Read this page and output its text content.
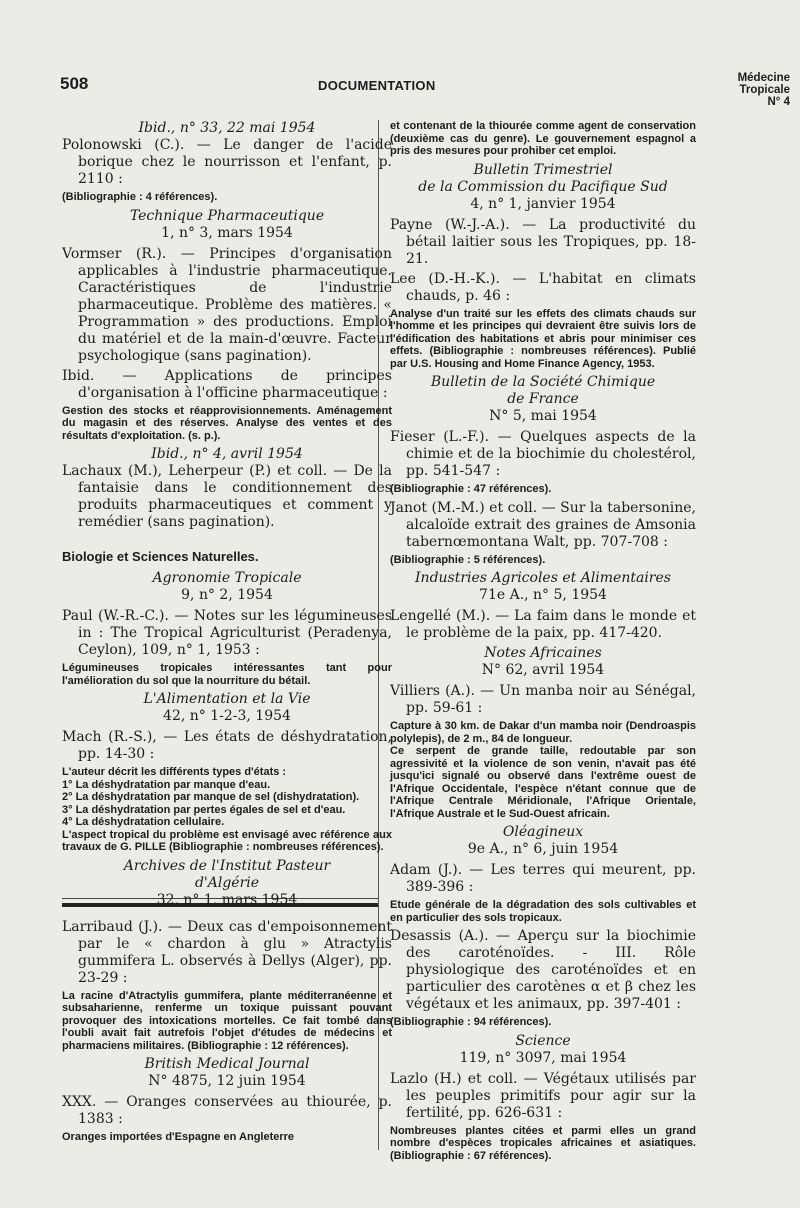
508	DOCUMENTATION	Médecine
Tropicale
N° 4

Ibid., n° 33, 22 mai 1954

Polonowski (C.). — Le danger de l'acide borique chez le nourrisson et l'enfant, p. 2110 :

(Bibliographie : 4 références).

Technique Pharmaceutique

1, n° 3, mars 1954

Vormser (R.). — Principes d'organisation applicables à l'industrie pharmaceutique. Caractéristiques de l'industrie pharmaceutique. Problème des matières. « Programmation » des productions. Emploi du matériel et de la main-d'œuvre. Facteur psychologique (sans pagination).

Ibid. — Applications de principes d'organisation à l'officine pharmaceutique :

Gestion des stocks et réapprovisionnements. Aménagement du magasin et des réserves. Analyse des ventes et des résultats d'exploitation. (s. p.).

Ibid., n° 4, avril 1954

Lachaux (M.), Leherpeur (P.) et coll. — De la fantaisie dans le conditionnement des produits pharmaceutiques et comment y remédier (sans pagination).

Biologie et Sciences Naturelles.

Agronomie Tropicale

9, n° 2, 1954

Paul (W.-R.-C.). — Notes sur les légumineuses in : The Tropical Agriculturist (Peradenya, Ceylon), 109, n° 1, 1953 :

Légumineuses tropicales intéressantes tant pour l'amélioration du sol que la nourriture du bétail.

L'Alimentation et la Vie

42, n° 1-2-3, 1954

Mach (R.-S.), — Les états de déshydratation, pp. 14-30 :

L'auteur décrit les différents types d'états :

1° La déshydratation par manque d'eau.

2° La déshydratation par manque de sel (dishydratation).

3° La déshydratation par pertes égales de sel et d'eau.

4° La déshydratation cellulaire.

L'aspect tropical du problème est envisagé avec référence aux travaux de G. PILLE (Bibliographie : nombreuses références).

Archives de l'Institut Pasteur

d'Algérie

32, n° 1, mars 1954

Larribaud (J.). — Deux cas d'empoisonnement par le « chardon à glu » Atractylis gummifera L. observés à Dellys (Alger), pp. 23-29 :

La racine d'Atractylis gummifera, plante méditerranéenne et subsaharienne, renferme un toxique puissant pouvant provoquer des intoxications mortelles. Ce fait tombé dans l'oubli avait fait autrefois l'objet d'études de médecins et pharmaciens militaires. (Bibliographie : 12 références).

British Medical Journal

N° 4875, 12 juin 1954

XXX. — Oranges conservées au thiourée, p. 1383 :

Oranges importées d'Espagne en Angleterre

et contenant de la thiourée comme agent de conservation (deuxième cas du genre). Le gouvernement espagnol a pris des mesures pour prohiber cet emploi.

Bulletin Trimestriel

de la Commission du Pacifique Sud

4, n° 1, janvier 1954

Payne (W.-J.-A.). — La productivité du bétail laitier sous les Tropiques, pp. 18-21.

Lee (D.-H.-K.). — L'habitat en climats chauds, p. 46 :

Analyse d'un traité sur les effets des climats chauds sur l'homme et les principes qui devraient être suivis lors de l'édification des habitations et abris pour minimiser ces effets. (Bibliographie : nombreuses références). Publié par U.S. Housing and Home Finance Agency, 1953.

Bulletin de la Société Chimique

de France

N° 5, mai 1954

Fieser (L.-F.). — Quelques aspects de la chimie et de la biochimie du cholestérol, pp. 541-547 :

(Bibliographie : 47 références).

Janot (M.-M.) et coll. — Sur la tabersonine, alcaloïde extrait des graines de Amsonia tabernœmontana Walt, pp. 707-708 :

(Bibliographie : 5 références).

Industries Agricoles et Alimentaires

71e A., n° 5, 1954

Lengellé (M.). — La faim dans le monde et le problème de la paix, pp. 417-420.

Notes Africaines

N° 62, avril 1954

Villiers (A.). — Un manba noir au Sénégal, pp. 59-61 :

Capture à 30 km. de Dakar d'un mamba noir (Dendroaspis polylepis), de 2 m., 84 de longueur.

Ce serpent de grande taille, redoutable par son agressivité et la violence de son venin, n'avait pas été jusqu'ici signalé ou observé dans l'extrême ouest de l'Afrique Occidentale, l'espèce n'étant connue que de l'Afrique Centrale Méridionale, l'Afrique Orientale, l'Afrique Australe et le Sud-Ouest africain.

Oléagineux

9e A., n° 6, juin 1954

Adam (J.). — Les terres qui meurent, pp. 389-396 :

Etude générale de la dégradation des sols cultivables et en particulier des sols tropicaux.

Desassis (A.). — Aperçu sur la biochimie des caroténoïdes. - III. Rôle physiologique des caroténoïdes et en particulier des carotènes α et β chez les végétaux et les animaux, pp. 397-401 :

(Bibliographie : 94 références).

Science

119, n° 3097, mai 1954

Lazlo (H.) et coll. — Végétaux utilisés par les peuples primitifs pour agir sur la fertilité, pp. 626-631 :

Nombreuses plantes citées et parmi elles un grand nombre d'espèces tropicales africaines et asiatiques. (Bibliographie : 67 références).
